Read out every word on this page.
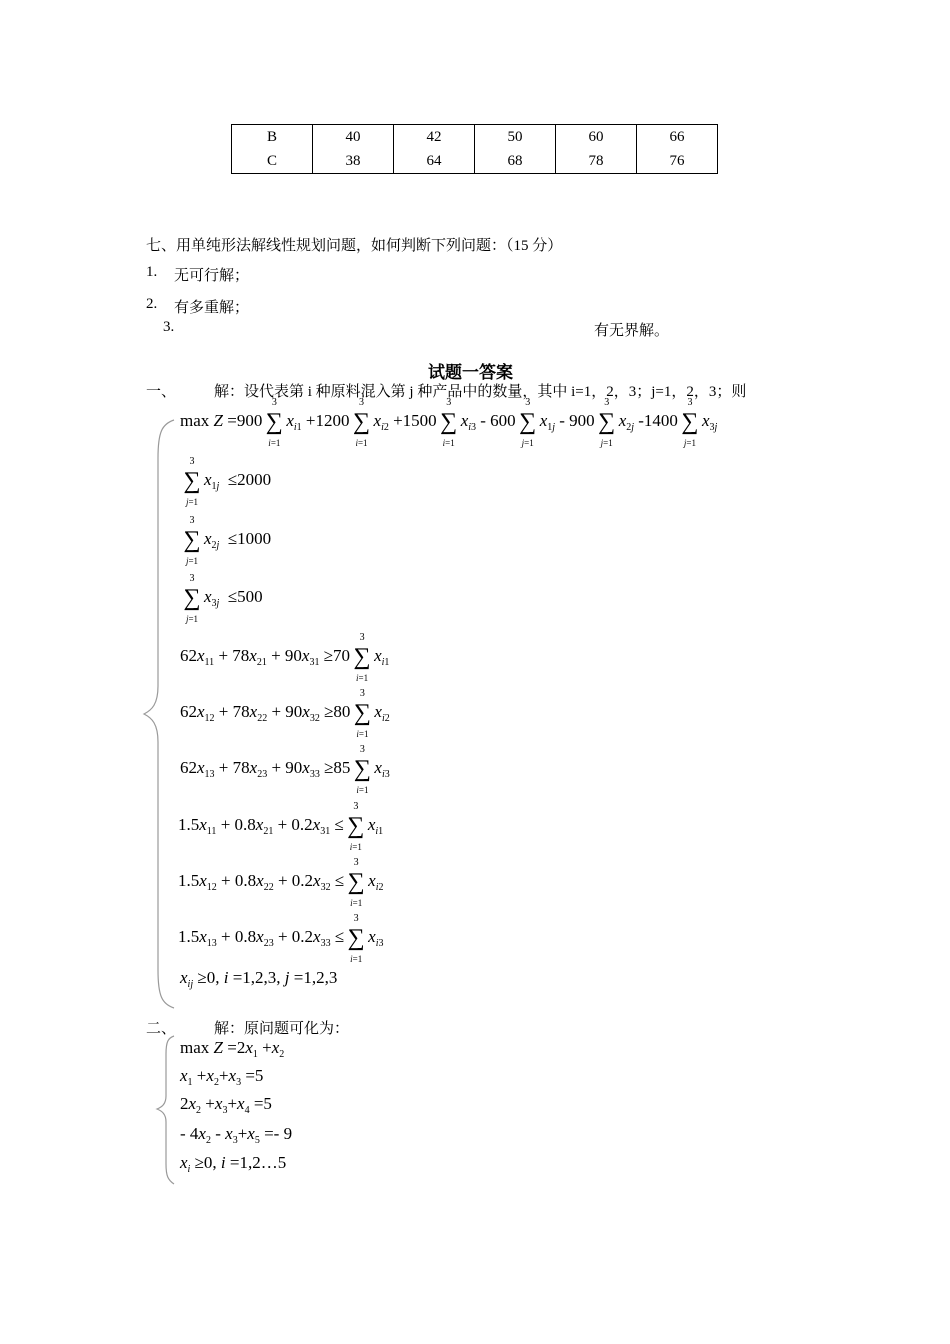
B	40	42	50	60	66
C	38	64	68	78	76
七、用单纯形法解线性规划问题，如何判断下列问题：（15 分）
1. 无可行解；
2. 有多重解；
3.	有无界解。
试题一答案
一、	解：设代表第 i 种原料混入第 j 种产品中的数量，其中 i=1，2，3；j=1，2，3；则
max Z =900 ∑
3
i=1
$x_{i1} +1200$ ∑
3
i=1
$x_{i2} +1500$ ∑
3
i=1
$x_{i3} - 600$ ∑
3
j=1
$x_{1j} - 900$ ∑
3
j=1
$x_{2j}$ -1400 ∑
3
j=1
$x_{3j}$
∑
3
j=1
$x_{1j} \le 2000$
∑
3
j=1
$x_{2j} \le 1000$
∑
3
j=1
$x_{3j} \le 500$
$62x_{11} + 78x_{21} + 90x_{31} \ge 70$ ∑
3
i=1
$x_{i1}$
$62x_{12} + 78x_{22} + 90x_{32} \ge 80$ ∑
3
i=1
$x_{i2}$
$62x_{13} + 78x_{23} + 90x_{33} \ge 85$ ∑
3
i=1
$x_{i3}$
$1.5x_{11} + 0.8x_{21} + 0.2x_{31}$ ≤ ∑
3
i=1
$x_{i1}$
$1.5x_{12} + 0.8x_{22} + 0.2x_{32}$ ≤ ∑
3
i=1
$x_{i2}$
$1.5x_{13} + 0.8x_{23} + 0.2x_{33}$ ≤ ∑
3
i=1
$x_{i3}$
$x_{ij} \ge 0$, i =1,2,3, j =1,2,3
二、	解：原问题可化为：
$\max Z =2x_1 +x_2$
$x_1 +x_2+x_3 =5$
$2x_2 +x_3+x_4 =5$
- $4x_2 - x_3+x_5 =- 9$
$x_i \ge 0$, i =1,2…5
